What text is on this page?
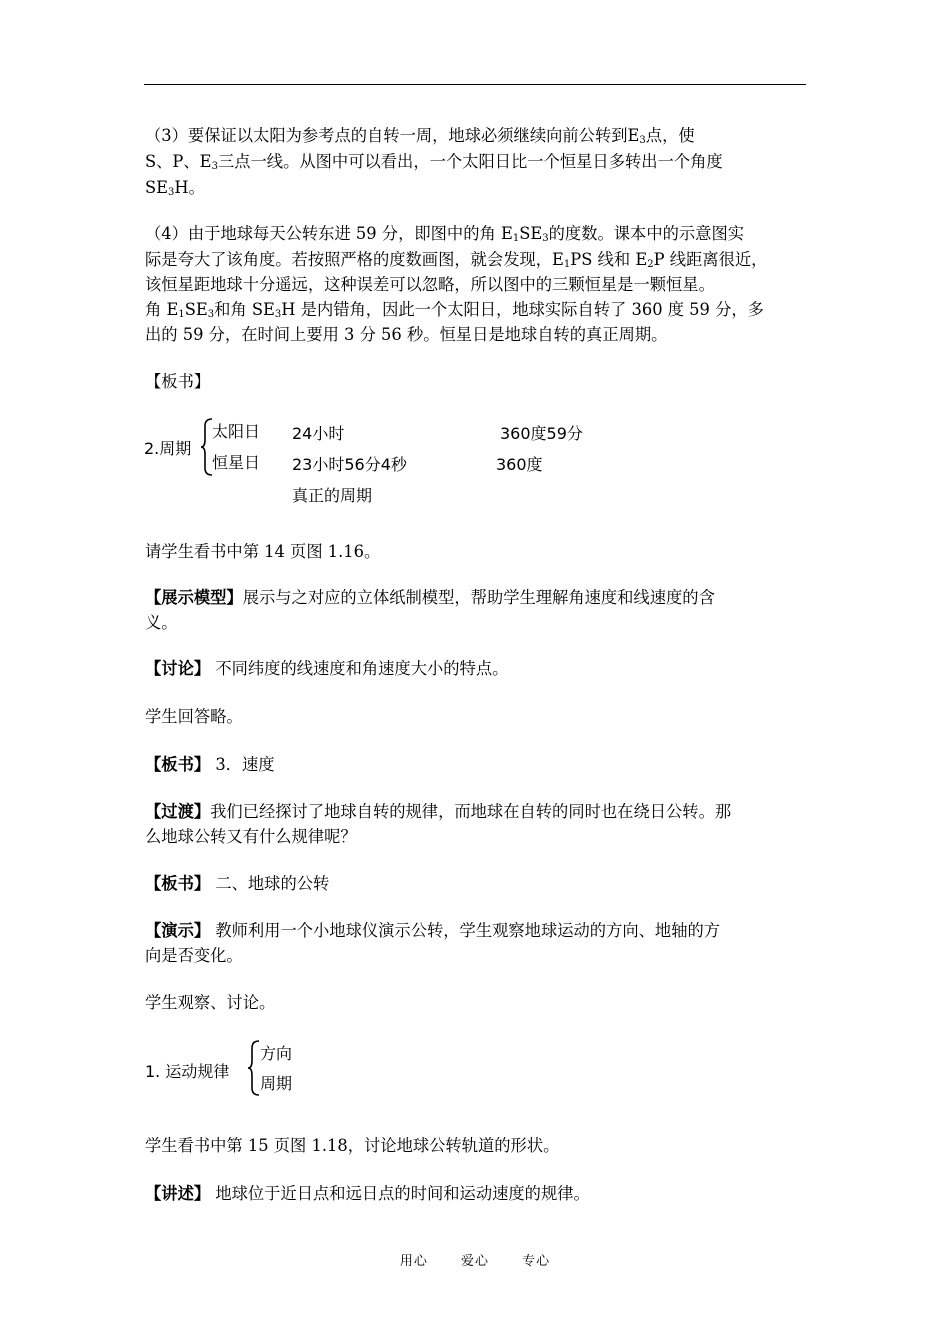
（3）要保证以太阳为参考点的自转一周，地球必须继续向前公转到$E_3$点，使

S、P、$E_3$三点一线。从图中可以看出，一个太阳日比一个恒星日多转出一个角度

$SE_3H$。

（4）由于地球每天公转东进 59 分，即图中的角 $E_1SE_3$的度数。课本中的示意图实

际是夸大了该角度。若按照严格的度数画图，就会发现，$E_1PS$ 线和 $E_2P$ 线距离很近，

该恒星距地球十分遥远，这种误差可以忽略，所以图中的三颗恒星是一颗恒星。

角 $E_1SE_3$和角 $SE_3H$ 是内错角，因此一个太阳日，地球实际自转了 360 度 59 分，多

出的 59 分，在时间上要用 3 分 56 秒。恒星日是地球自转的真正周期。

【板书】

2.周期
太阳日 24小时	360度59分
恒星日 23小时56分4秒	360度
真正的周期

请学生看书中第 14 页图 1.16。

【展示模型】展示与之对应的立体纸制模型，帮助学生理解角速度和线速度的含

义。

【讨论】 不同纬度的线速度和角速度大小的特点。

学生回答略。

【板书】 3．速度

【过渡】我们已经探讨了地球自转的规律，而地球在自转的同时也在绕日公转。那

么地球公转又有什么规律呢？

【板书】 二、地球的公转

【演示】 教师利用一个小地球仪演示公转，学生观察地球运动的方向、地轴的方

向是否变化。

学生观察、讨论。

1. 运动规律
方向
周期

学生看书中第 15 页图 1.18，讨论地球公转轨道的形状。

【讲述】 地球位于近日点和远日点的时间和运动速度的规律。

用心	爱心	专心
